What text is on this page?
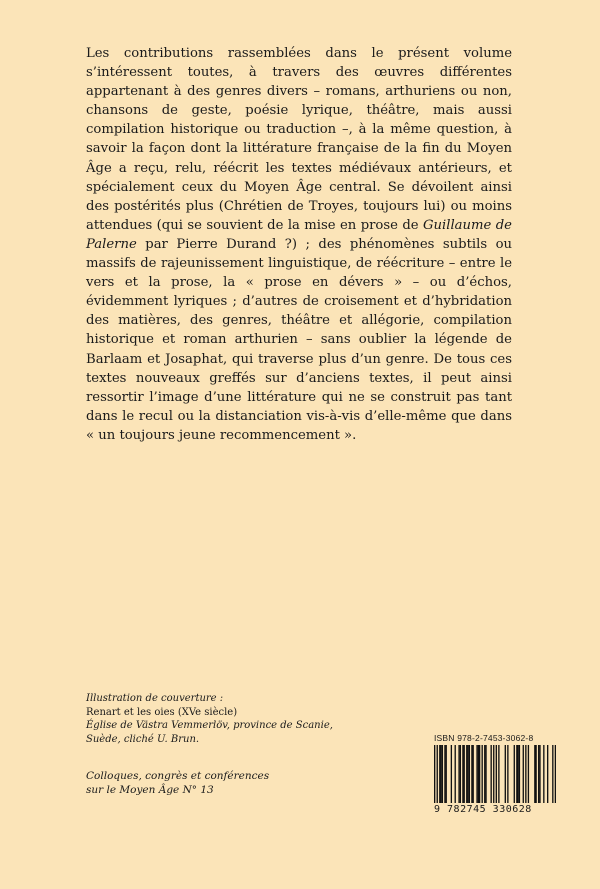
Les contributions rassemblées dans le présent volume s’intéressent toutes, à travers des œuvres différentes appartenant à des genres divers – romans, arthuriens ou non, chansons de geste, poésie lyrique, théâtre, mais aussi compilation historique ou traduction –, à la même question, à savoir la façon dont la littérature française de la fin du Moyen Âge a reçu, relu, réécrit les textes médiévaux antérieurs, et spécialement ceux du Moyen Âge central. Se dévoilent ainsi des postérités plus (Chrétien de Troyes, toujours lui) ou moins attendues (qui se souvient de la mise en prose de Guillaume de Palerne par Pierre Durand ?) ; des phénomènes subtils ou massifs de rajeunissement linguistique, de réécriture – entre le vers et la prose, la « prose en dévers » – ou d’échos, évidemment lyriques ; d’autres de croisement et d’hybridation des matières, des genres, théâtre et allégorie, compilation historique et roman arthurien – sans oublier la légende de Barlaam et Josaphat, qui traverse plus d’un genre. De tous ces textes nouveaux greffés sur d’anciens textes, il peut ainsi ressortir l’image d’une littérature qui ne se construit pas tant dans le recul ou la distanciation vis-à-vis d’elle-même que dans « un toujours jeune recommencement ».

Illustration de couverture :
Renart et les oies (XVe siècle)
Église de Västra Vemmerlöv, province de Scanie,
Suède, cliché U. Brun.
Colloques, congrès et conférences
sur le Moyen Âge N° 13
ISBN 978-2-7453-3062-8
9 782745 330628
